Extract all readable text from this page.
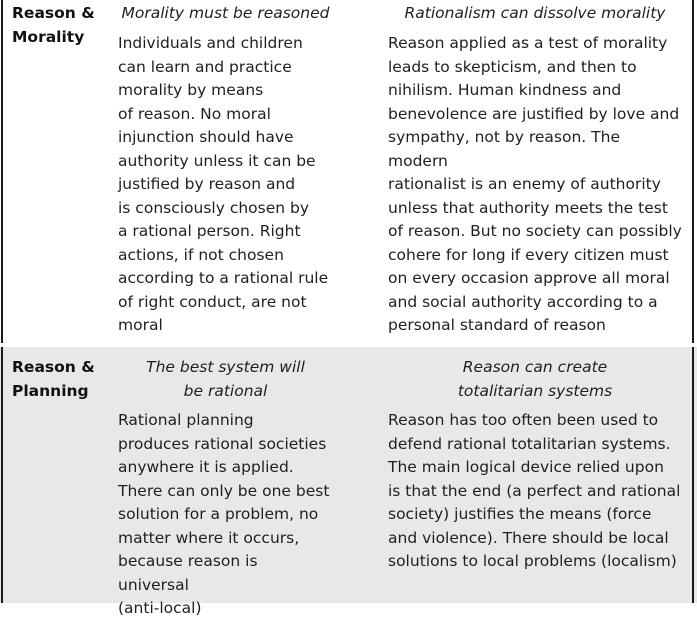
Reason &
Morality
Morality must be reasoned	Rationalism can dissolve morality
Individuals and children
can learn and practice
morality by means
of reason. No moral
injunction should have
authority unless it can be
justified by reason and
is consciously chosen by
a rational person. Right
actions, if not chosen
according to a rational rule
of right conduct, are not
moral
Reason applied as a test of morality
leads to skepticism, and then to
nihilism. Human kindness and
benevolence are justified by love and
sympathy, not by reason. The modern
rationalist is an enemy of authority
unless that authority meets the test
of reason. But no society can possibly
cohere for long if every citizen must
on every occasion approve all moral
and social authority according to a
personal standard of reason
Reason &
Planning
The best system will
be rational
Reason can create
totalitarian systems
Rational planning
produces rational societies
anywhere it is applied.
There can only be one best
solution for a problem, no
matter where it occurs,
because reason is universal
(anti-local)
Reason has too often been used to
defend rational totalitarian systems.
The main logical device relied upon
is that the end (a perfect and rational
society) justifies the means (force
and violence). There should be local
solutions to local problems (localism)
